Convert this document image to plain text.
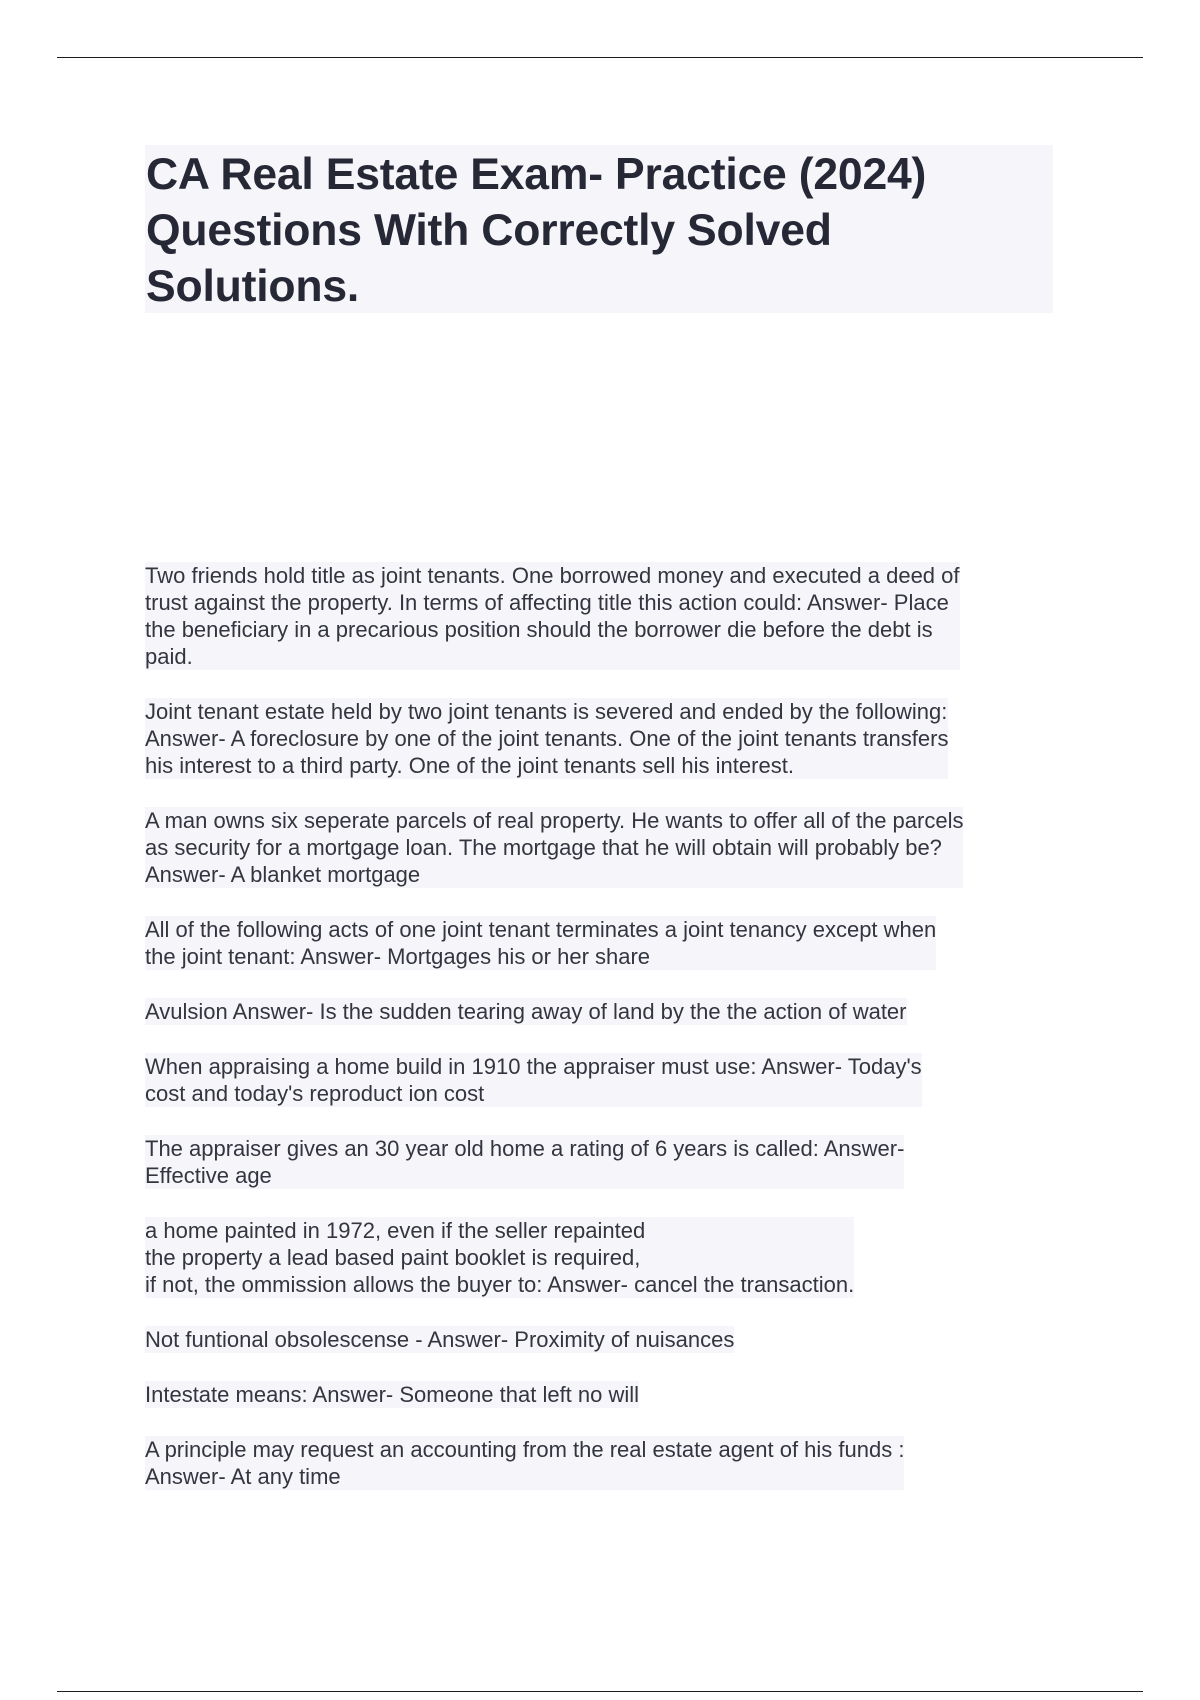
CA Real Estate Exam- Practice (2024)
Questions With Correctly Solved
Solutions.
Two friends hold title as joint tenants. One borrowed money and executed a deed of
trust against the property. In terms of affecting title this action could: Answer- Place
the beneficiary in a precarious position should the borrower die before the debt is
paid.
Joint tenant estate held by two joint tenants is severed and ended by the following:
Answer- A foreclosure by one of the joint tenants. One of the joint tenants transfers
his interest to a third party. One of the joint tenants sell his interest.
A man owns six seperate parcels of real property. He wants to offer all of the parcels
as security for a mortgage loan. The mortgage that he will obtain will probably be?
Answer- A blanket mortgage
All of the following acts of one joint tenant terminates a joint tenancy except when
the joint tenant: Answer- Mortgages his or her share
Avulsion Answer- Is the sudden tearing away of land by the the action of water
When appraising a home build in 1910 the appraiser must use: Answer- Today's
cost and today's reproduct ion cost
The appraiser gives an 30 year old home a rating of 6 years is called: Answer-
Effective age
a home painted in 1972, even if the seller repainted
the property a lead based paint booklet is required,
if not, the ommission allows the buyer to: Answer- cancel the transaction.
Not funtional obsolescense - Answer- Proximity of nuisances
Intestate means: Answer- Someone that left no will
A principle may request an accounting from the real estate agent of his funds :
Answer- At any time
